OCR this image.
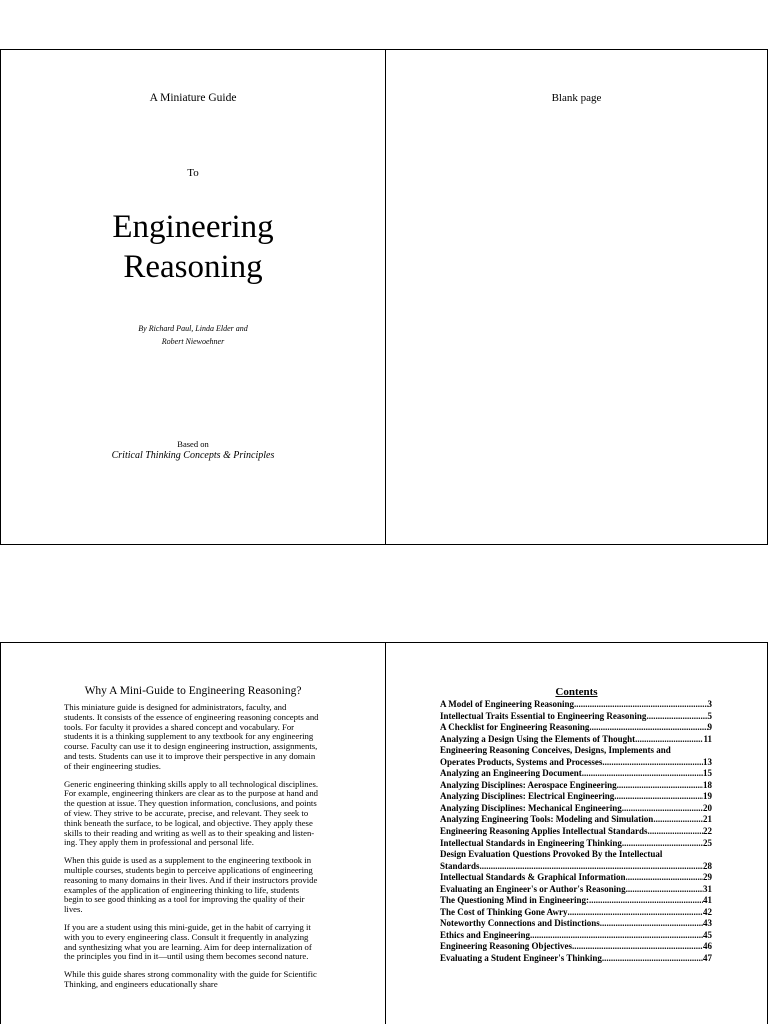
A Miniature Guide
To
Engineering
Reasoning
By Richard Paul, Linda Elder and
Robert Niewoehner
Based on
Critical Thinking Concepts & Principles
Blank page
Why A Mini-Guide to Engineering Reasoning?

This miniature guide is designed for administrators, faculty, and students. It consists of the essence of engineering reasoning concepts and tools. For faculty it provides a shared concept and vocabulary. For students it is a thinking supplement to any textbook for any engineering course. Faculty can use it to design engineering instruction, assignments, and tests. Students can use it to improve their perspective in any domain of their engineering studies.

Generic engineering thinking skills apply to all technological disciplines. For example, engineering thinkers are clear as to the purpose at hand and the question at issue. They question information, conclusions, and points of view. They strive to be accurate, precise, and relevant. They seek to think beneath the surface, to be logical, and objective. They apply these skills to their reading and writing as well as to their speaking and listen-ing. They apply them in professional and personal life.

When this guide is used as a supplement to the engineering textbook in multiple courses, students begin to perceive applications of engineering reasoning to many domains in their lives. And if their instructors provide examples of the application of engineering thinking to life, students begin to see good thinking as a tool for improving the quality of their lives.

If you are a student using this mini-guide, get in the habit of carrying it with you to every engineering class. Consult it frequently in analyzing and synthesizing what you are learning. Aim for deep internalization of the principles you find in it—until using them becomes second nature.

While this guide shares strong commonality with the guide for Scientific Thinking, and engineers educationally share

Contents
A Model of Engineering Reasoning .....	3
Intellectual Traits Essential to Engineering Reasoning .....	5
A Checklist for Engineering Reasoning .....	9
Analyzing a Design Using the Elements of Thought .....	11
Engineering Reasoning Conceives, Designs, Implements and
Operates Products, Systems and Processes .....	13
Analyzing an Engineering Document .....	15
Analyzing Disciplines: Aerospace Engineering .....	18
Analyzing Disciplines: Electrical Engineering .....	19
Analyzing Disciplines: Mechanical Engineering .....	20
Analyzing Engineering Tools: Modeling and Simulation .....	21
Engineering Reasoning Applies Intellectual Standards .....	22
Intellectual Standards in Engineering Thinking .....	25
Design Evaluation Questions Provoked By the Intellectual
Standards .....	28
Intellectual Standards & Graphical Information .....	29
Evaluating an Engineer's or Author's Reasoning .....	31
The Questioning Mind in Engineering: .....	41
The Cost of Thinking Gone Awry .....	42
Noteworthy Connections and Distinctions .....	43
Ethics and Engineering .....	45
Engineering Reasoning Objectives .....	46
Evaluating a Student Engineer's Thinking .....	47
